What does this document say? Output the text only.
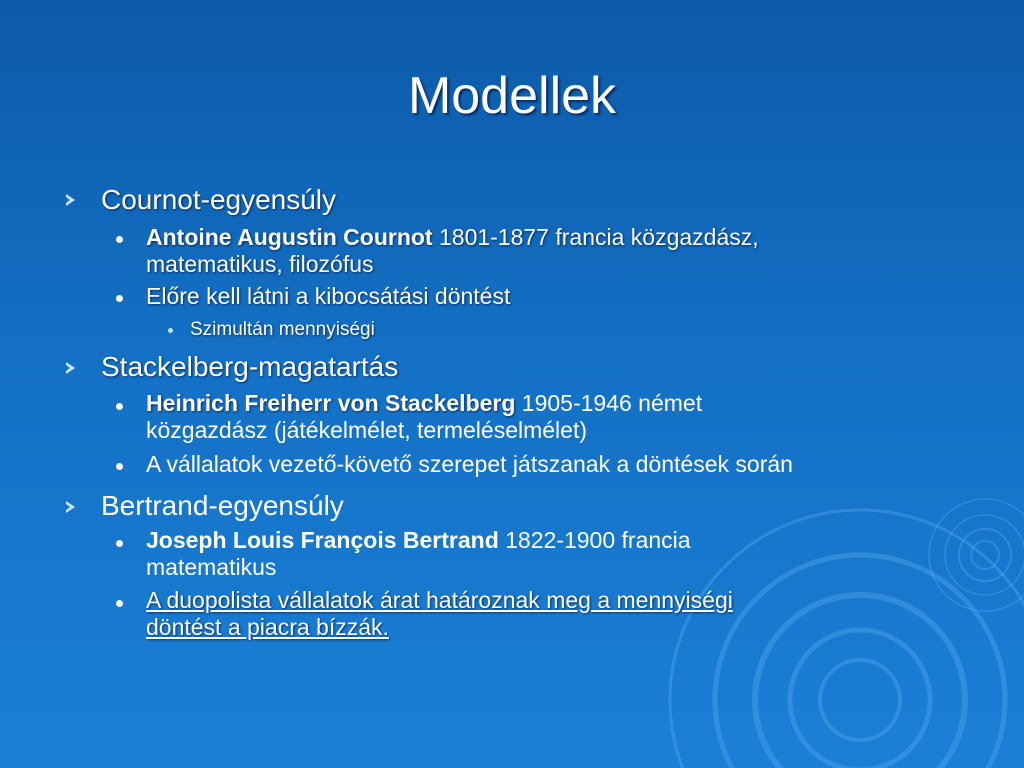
Modellek
Cournot-egyensúly
Antoine Augustin Cournot 1801-1877 francia közgazdász,
matematikus, filozófus
Előre kell látni a kibocsátási döntést
Szimultán mennyiségi
Stackelberg-magatartás
Heinrich Freiherr von Stackelberg 1905-1946 német
közgazdász (játékelmélet, termeléselmélet)
A vállalatok vezető-követő szerepet játszanak a döntések során
Bertrand-egyensúly
Joseph Louis François Bertrand 1822-1900 francia
matematikus
A duopolista vállalatok árat határoznak meg a mennyiségi
döntést a piacra bízzák.
